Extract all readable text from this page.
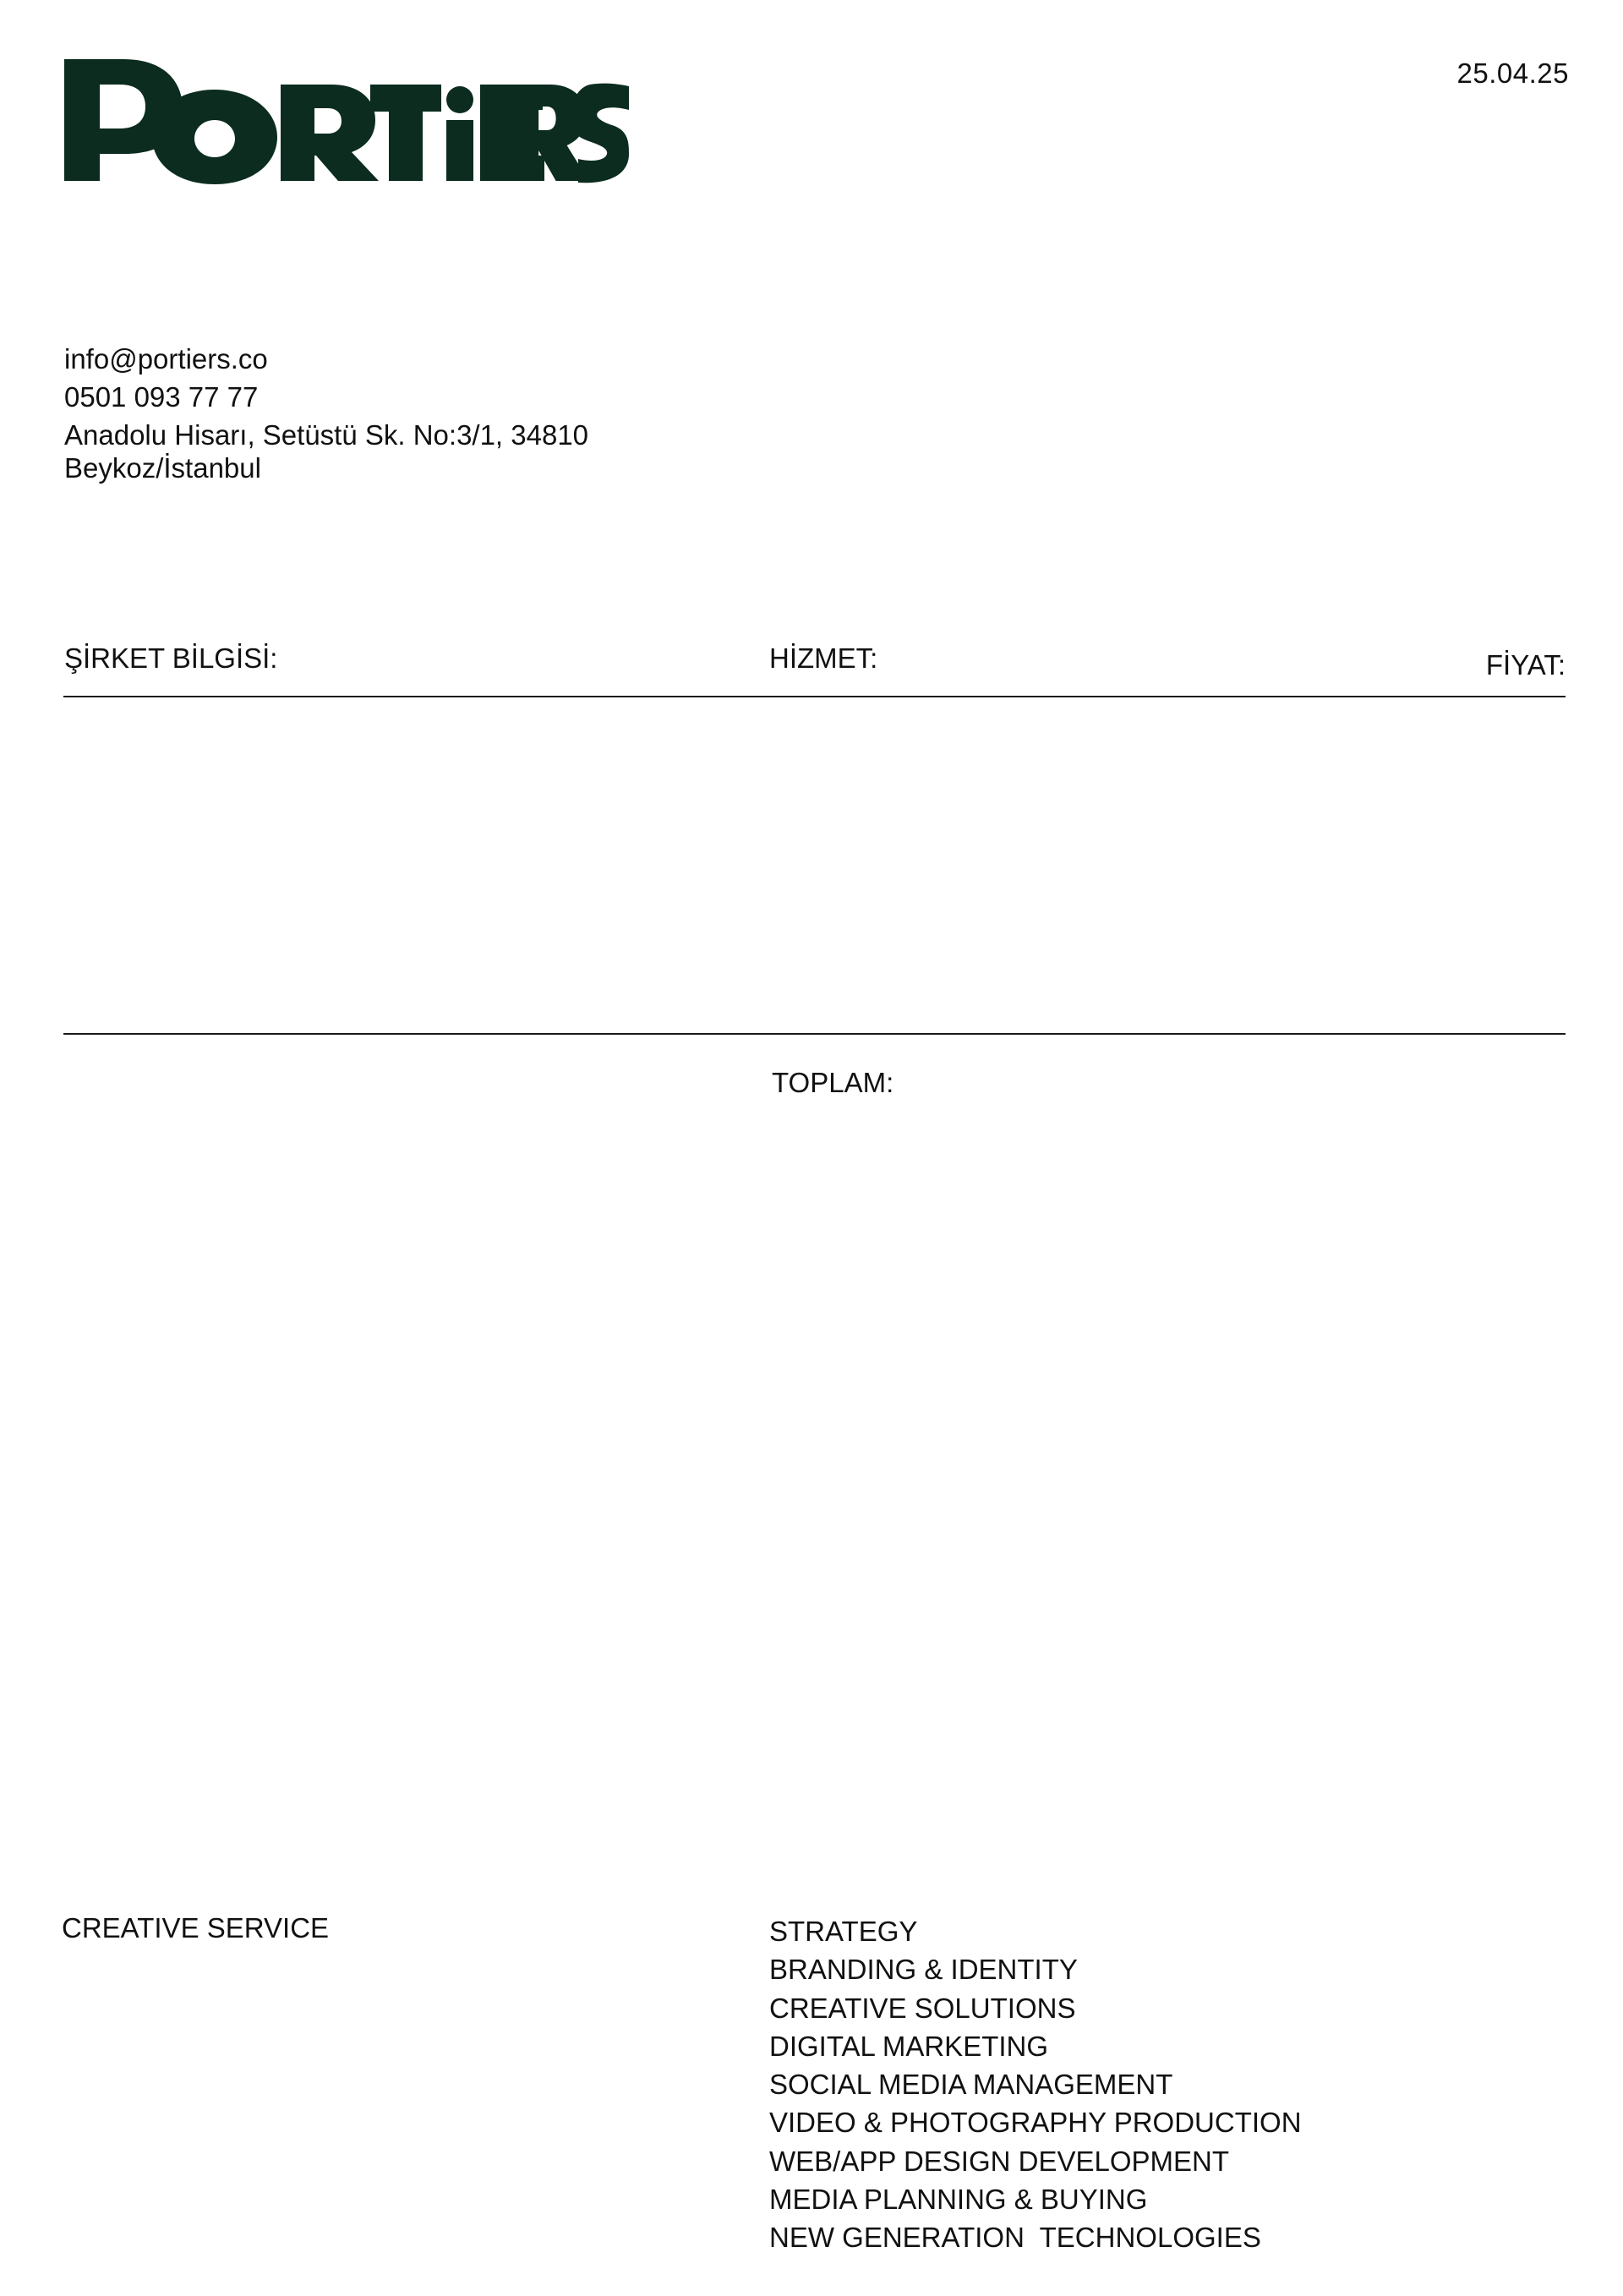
25.04.25
info@portiers.co
0501 093 77 77
Anadolu Hisarı, Setüstü Sk. No:3/1, 34810
Beykoz/İstanbul
ŞİRKET BİLGİSİ:	HİZMET:	FİYAT:
TOPLAM:
CREATIVE SERVICE	STRATEGY
BRANDING & IDENTITY
CREATIVE SOLUTIONS
DIGITAL MARKETING
SOCIAL MEDIA MANAGEMENT
VIDEO & PHOTOGRAPHY PRODUCTION
WEB/APP DESIGN DEVELOPMENT
MEDIA PLANNING & BUYING
NEW GENERATION  TECHNOLOGIES
